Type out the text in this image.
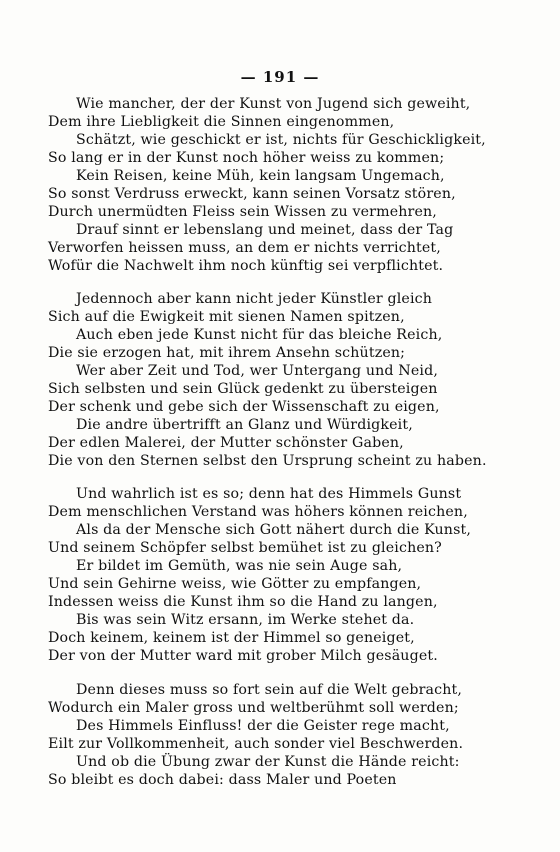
— 191 —
Wie mancher, der der Kunst von Jugend sich geweiht,
Dem ihre Liebligkeit die Sinnen eingenommen,
Schätzt, wie geschickt er ist, nichts für Geschickligkeit,
So lang er in der Kunst noch höher weiss zu kommen;
Kein Reisen, keine Müh, kein langsam Ungemach,
So sonst Verdruss erweckt, kann seinen Vorsatz stören,
Durch unermüdten Fleiss sein Wissen zu vermehren,
Drauf sinnt er lebenslang und meinet, dass der Tag
Verworfen heissen muss, an dem er nichts verrichtet,
Wofür die Nachwelt ihm noch künftig sei verpflichtet.
Jedennoch aber kann nicht jeder Künstler gleich
Sich auf die Ewigkeit mit sienen Namen spitzen,
Auch eben jede Kunst nicht für das bleiche Reich,
Die sie erzogen hat, mit ihrem Ansehn schützen;
Wer aber Zeit und Tod, wer Untergang und Neid,
Sich selbsten und sein Glück gedenkt zu übersteigen
Der schenk und gebe sich der Wissenschaft zu eigen,
Die andre übertrifft an Glanz und Würdigkeit,
Der edlen Malerei, der Mutter schönster Gaben,
Die von den Sternen selbst den Ursprung scheint zu haben.
Und wahrlich ist es so; denn hat des Himmels Gunst
Dem menschlichen Verstand was höhers können reichen,
Als da der Mensche sich Gott nähert durch die Kunst,
Und seinem Schöpfer selbst bemühet ist zu gleichen?
Er bildet im Gemüth, was nie sein Auge sah,
Und sein Gehirne weiss, wie Götter zu empfangen,
Indessen weiss die Kunst ihm so die Hand zu langen,
Bis was sein Witz ersann, im Werke stehet da.
Doch keinem, keinem ist der Himmel so geneiget,
Der von der Mutter ward mit grober Milch gesäuget.
Denn dieses muss so fort sein auf die Welt gebracht,
Wodurch ein Maler gross und weltberühmt soll werden;
Des Himmels Einfluss! der die Geister rege macht,
Eilt zur Vollkommenheit, auch sonder viel Beschwerden.
Und ob die Übung zwar der Kunst die Hände reicht:
So bleibt es doch dabei: dass Maler und Poeten
